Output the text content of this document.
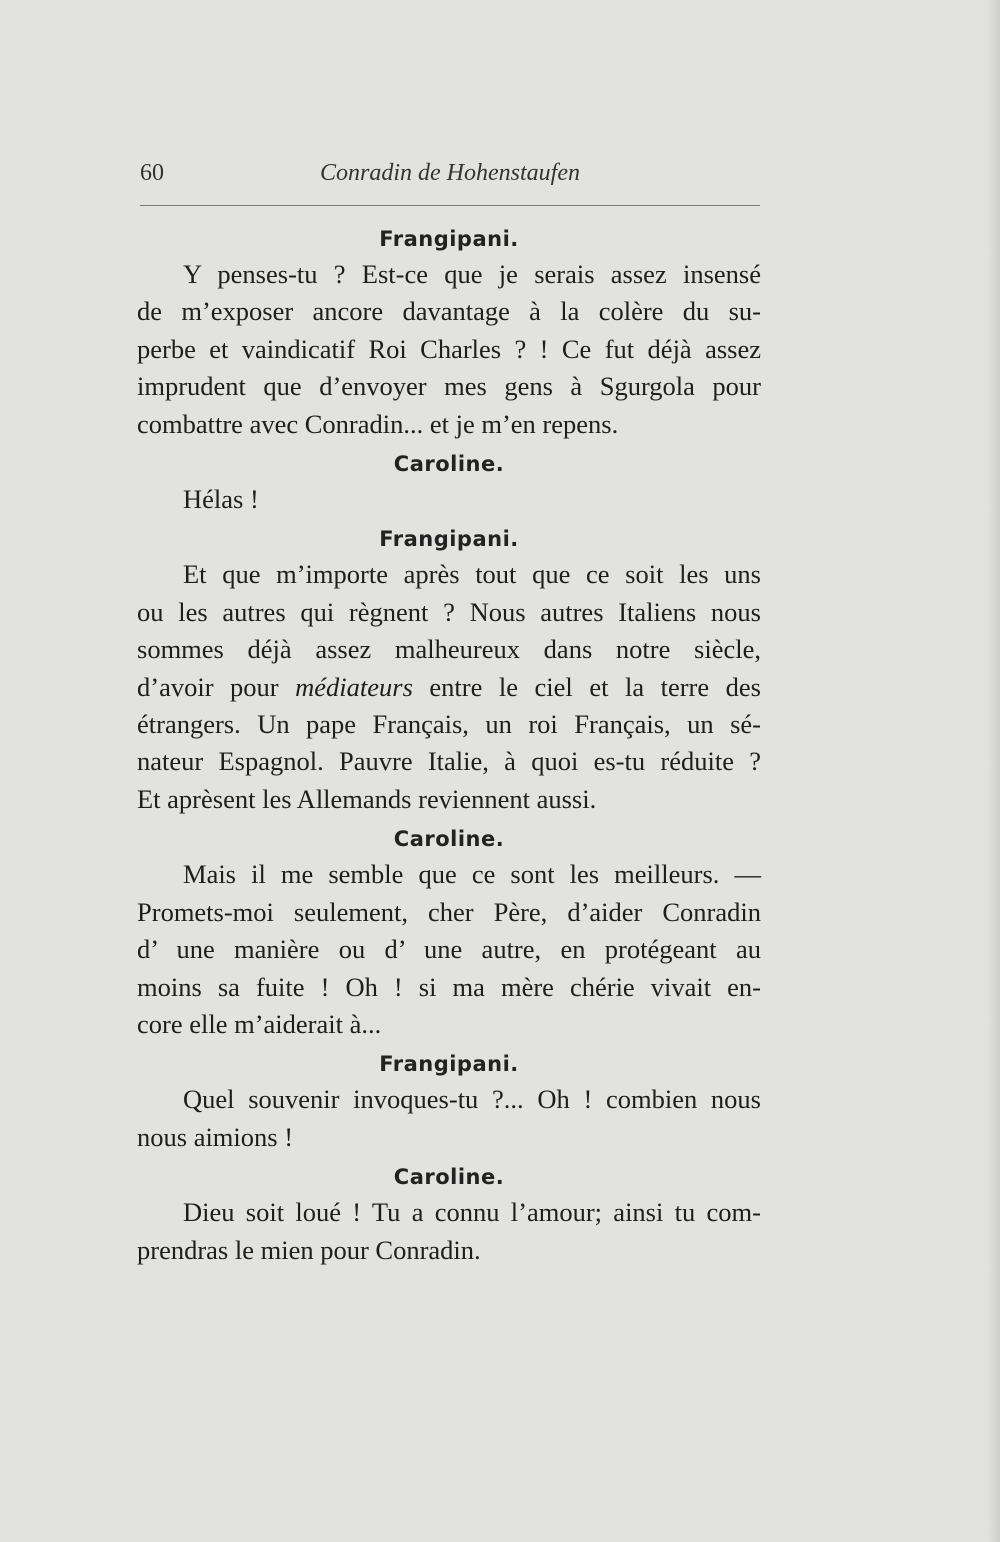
60	Conradin de Hohenstaufen
Frangipani.
Y penses-tu ? Est-ce que je serais assez insensé
de m’exposer ancore davantage à la colère du su-
perbe et vaindicatif Roi Charles ? ! Ce fut déjà assez
imprudent que d’envoyer mes gens à Sgurgola pour
combattre avec Conradin... et je m’en repens.
Caroline.
Hélas !
Frangipani.
Et que m’importe après tout que ce soit les uns
ou les autres qui règnent ? Nous autres Italiens nous
sommes déjà assez malheureux dans notre siècle,
d’avoir pour médiateurs entre le ciel et la terre des
étrangers. Un pape Français, un roi Français, un sé-
nateur Espagnol. Pauvre Italie, à quoi es-tu réduite ?
Et aprèsent les Allemands reviennent aussi.
Caroline.
Mais il me semble que ce sont les meilleurs. —
Promets-moi seulement, cher Père, d’aider Conradin
d’ une manière ou d’ une autre, en protégeant au
moins sa fuite ! Oh ! si ma mère chérie vivait en-
core elle m’aiderait à...
Frangipani.
Quel souvenir invoques-tu ?... Oh ! combien nous
nous aimions !
Caroline.
Dieu soit loué ! Tu a connu l’amour; ainsi tu com-
prendras le mien pour Conradin.
